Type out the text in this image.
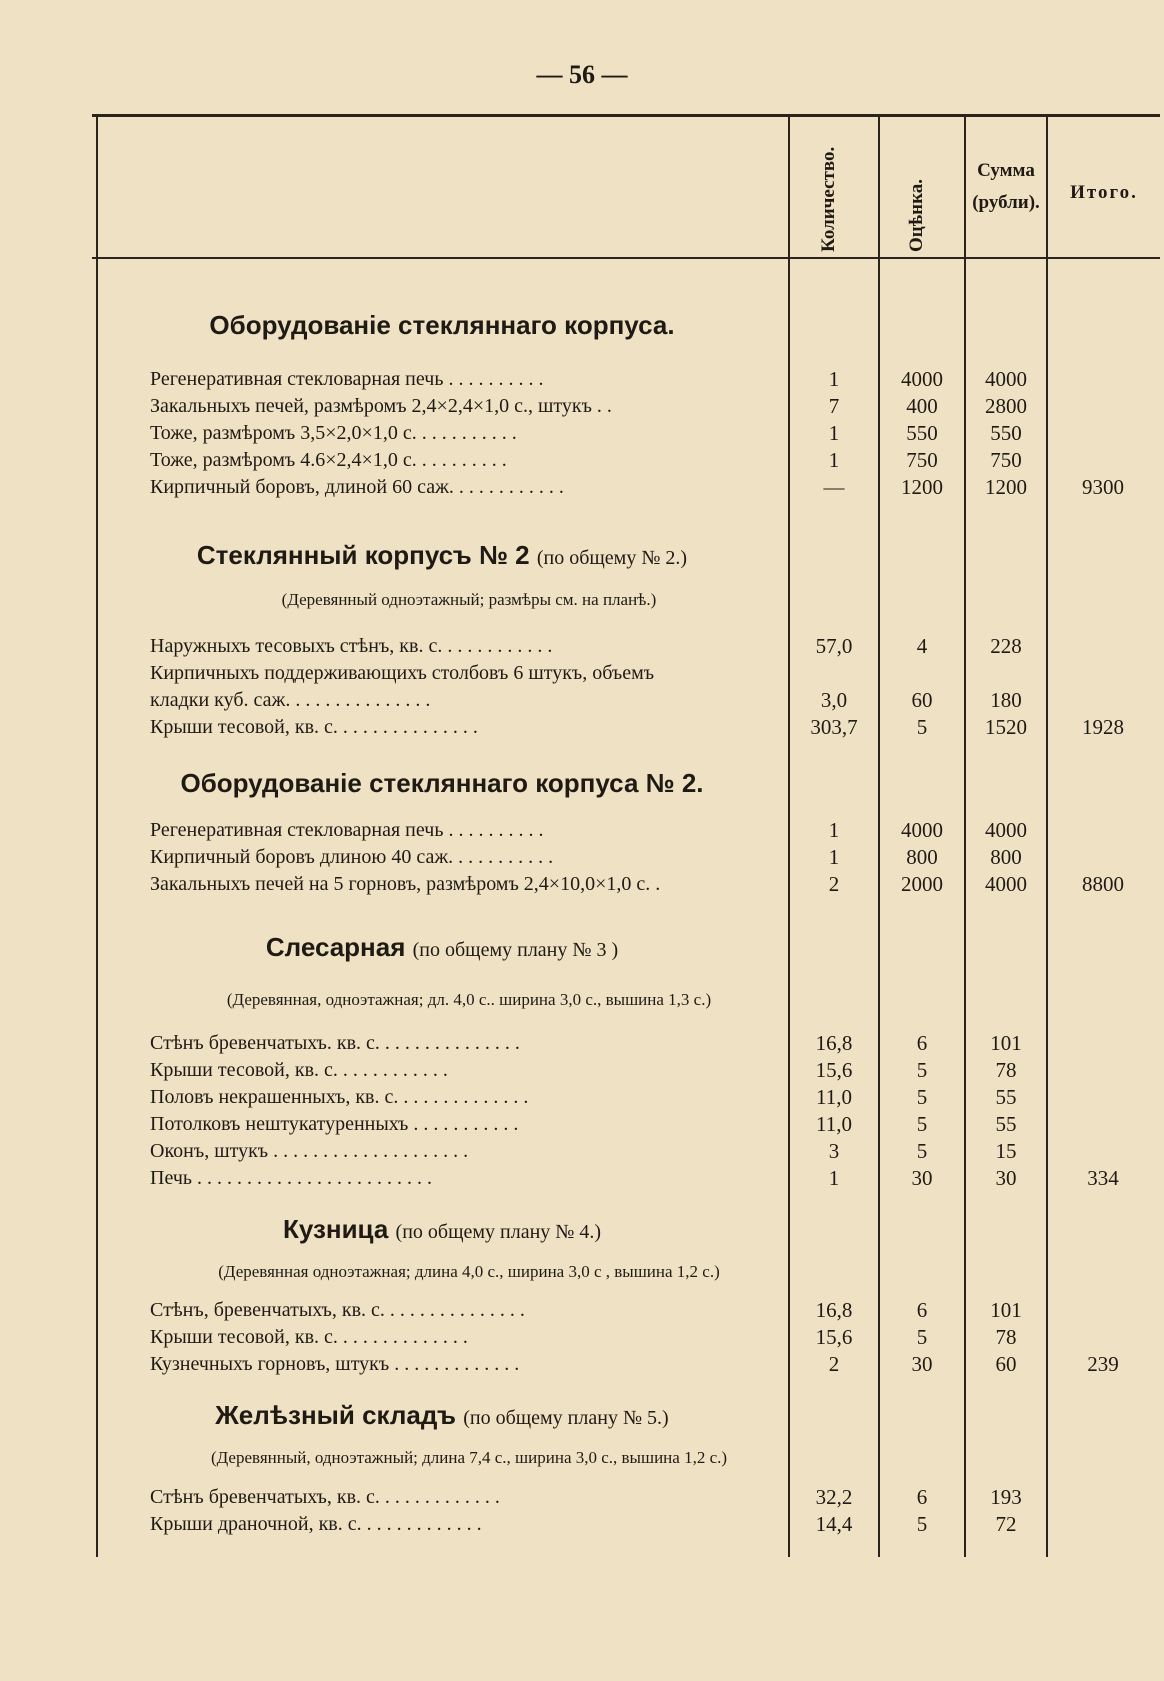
— 56 —
Количество.	Оцѣнка.
Сумма
(рубли).	Итого.
Оборудованiе стекляннаго корпуса.
Регенеративная стекловарная печь . . . . . . . . . .	1	4000	4000
Закальныхъ печей, размѣромъ 2,4×2,4×1,0 с., штукъ . .	7	400	2800
Тоже, размѣромъ 3,5×2,0×1,0 с. . . . . . . . . . .	1	550	550
Тоже, размѣромъ 4.6×2,4×1,0 с. . . . . . . . . .	1	750	750
Кирпичный боровъ, длиной 60 саж. . . . . . . . . . . .	—	1200	1200	9300
Стеклянный корпусъ № 2 (по общему № 2.)
(Деревянный одноэтажный; размѣры см. на планѣ.)
Наружныхъ тесовыхъ стѣнъ, кв. с. . . . . . . . . . . .	57,0	4	228
Кирпичныхъ поддерживающихъ столбовъ 6 штукъ, объемъ
кладки куб. саж. . . . . . . . . . . . . . .	3,0	60	180
Крыши тесовой, кв. с. . . . . . . . . . . . . . .	303,7	5	1520	1928
Оборудованiе стекляннаго корпуса № 2.
Регенеративная стекловарная печь . . . . . . . . . .	1	4000	4000
Кирпичный боровъ длиною 40 саж. . . . . . . . . . .	1	800	800
Закальныхъ печей на 5 горновъ, размѣромъ 2,4×10,0×1,0 с. .	2	2000	4000	8800
Слесарная (по общему плану № 3 )
(Деревянная, одноэтажная; дл. 4,0 с.. ширина 3,0 с., вышина 1,3 с.)
Стѣнъ бревенчатыхъ. кв. с. . . . . . . . . . . . . . .	16,8	6	101
Крыши тесовой, кв. с. . . . . . . . . . . .	15,6	5	78
Половъ некрашенныхъ, кв. с. . . . . . . . . . . . . .	11,0	5	55
Потолковъ нештукатуренныхъ . . . . . . . . . . .	11,0	5	55
Оконъ, штукъ . . . . . . . . . . . . . . . . . . . .	3	5	15
Печь . . . . . . . . . . . . . . . . . . . . . . . .	1	30	30	334
Кузница (по общему плану № 4.)
(Деревянная одноэтажная; длина 4,0 с., ширина 3,0 с , вышина 1,2 с.)
Стѣнъ, бревенчатыхъ, кв. с. . . . . . . . . . . . . . .	16,8	6	101
Крыши тесовой, кв. с. . . . . . . . . . . . . .	15,6	5	78
Кузнечныхъ горновъ, штукъ . . . . . . . . . . . . .	2	30	60	239
Желѣзный складъ (по общему плану № 5.)
(Деревянный, одноэтажный; длина 7,4 с., ширина 3,0 с., вышина 1,2 с.)
Стѣнъ бревенчатыхъ, кв. с. . . . . . . . . . . . .	32,2	6	193
Крыши драночной, кв. с. . . . . . . . . . . . .	14,4	5	72
